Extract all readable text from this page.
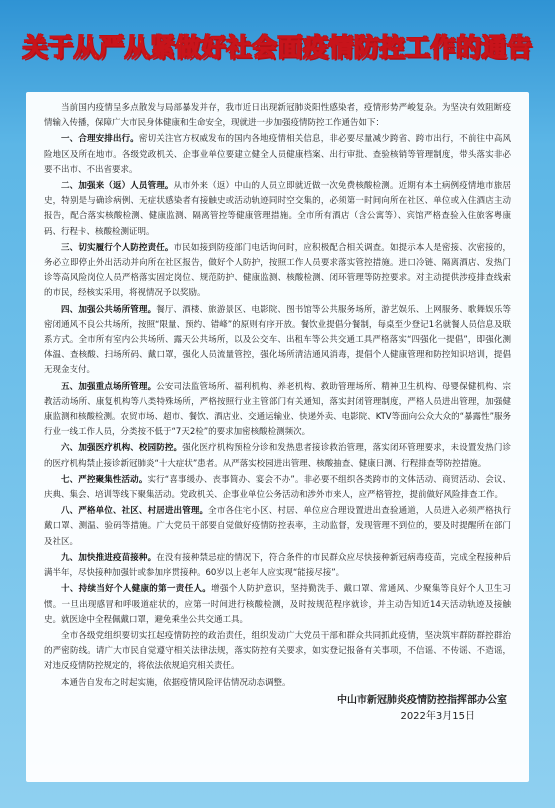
关于从严从紧做好社会面疫情防控工作的通告

当前国内疫情呈多点散发与局部暴发并存，我市近日出现新冠肺炎阳性感染者，疫情形势严峻复杂。为坚决有效阻断疫情输入传播，保障广大市民身体健康和生命安全，现就进一步加强疫情防控工作通告如下：

一、合理安排出行。密切关注官方权威发布的国内各地疫情相关信息，非必要尽量减少跨省、跨市出行，不前往中高风险地区及所在地市。各级党政机关、企事业单位要建立健全人员健康档案、出行审批、查验核销等管理制度，带头落实非必要不出市、不出省要求。

二、加强来（返）人员管理。从市外来（返）中山的人员立即就近做一次免费核酸检测。近期有本土病例疫情地市旅居史，特别是与确诊病例、无症状感染者有接触史或活动轨迹同时空交集的，必须第一时间向所在社区、单位或入住酒店主动报告，配合落实核酸检测、健康监测、隔离管控等健康管理措施。全市所有酒店（含公寓等）、宾馆严格查验入住旅客粤康码、行程卡、核酸检测证明。

三、切实履行个人防控责任。市民如接到防疫部门电话询问时，应积极配合相关调查。如提示本人是密接、次密接的，务必立即停止外出活动并向所在社区报告，做好个人防护，按照工作人员要求落实管控措施。进口冷链、隔离酒店、发热门诊等高风险岗位人员严格落实固定岗位、规范防护、健康监测、核酸检测、闭环管理等防控要求。对主动提供涉疫排查线索的市民，经核实采用，将视情况予以奖励。

四、加强公共场所管理。餐厅、酒楼、旅游景区、电影院、图书馆等公共服务场所，游艺娱乐、上网服务、歌舞娱乐等密闭通风不良公共场所，按照“限量、预约、错峰”的原则有序开放。餐饮业提倡分餐制，每桌至少登记1名就餐人员信息及联系方式。全市所有室内公共场所、露天公共场所，以及公交车、出租车等公共交通工具严格落实“四强化一提倡”，即强化测体温、查核酸、扫场所码、戴口罩，强化人员流量管控，强化场所清洁通风消毒，提倡个人健康管理和防控知识培训，提倡无现金支付。

五、加强重点场所管理。公安司法监管场所、福利机构、养老机构、救助管理场所、精神卫生机构、母婴保健机构、宗教活动场所、康复机构等八类特殊场所，严格按照行业主管部门有关通知，落实封闭管理制度，严格人员进出管理，加强健康监测和核酸检测。农贸市场、超市、餐饮、酒店业、交通运输业、快递外卖、电影院、KTV等面向公众大众的“暴露性”服务行业一线工作人员，分类按不低于“7天2检”的要求加密核酸检测频次。

六、加强医疗机构、校园防控。强化医疗机构预检分诊和发热患者接诊救治管理，落实闭环管理要求，未设置发热门诊的医疗机构禁止接诊新冠肺炎“十大症状”患者。从严落实校园进出管理、核酸抽查、健康日测、行程排查等防控措施。

七、严控聚集性活动。实行“喜事缓办、丧事简办、宴会不办”。非必要不组织各类跨市的文体活动、商贸活动、会议、庆典、集会、培训等线下聚集活动。党政机关、企事业单位公务活动和涉外市来人，应严格管控，提前做好风险排查工作。

八、严格单位、社区、村居进出管理。全市各住宅小区、村居、单位应合理设置进出查验通道，人员进入必须严格执行戴口罩、测温、验码等措施。广大党员干部要自觉做好疫情防控表率，主动监督，发现管理不到位的，要及时提醒所在部门及社区。

九、加快推进疫苗接种。在没有接种禁忌症的情况下，符合条件的市民群众应尽快接种新冠病毒疫苗，完成全程接种后满半年，尽快接种加强针或参加序贯接种。60岁以上老年人应实现“能接尽接”。

十、持续当好个人健康的第一责任人。增强个人防护意识，坚持勤洗手、戴口罩、常通风、少聚集等良好个人卫生习惯。一旦出现感冒和呼吸道症状的，应第一时间进行核酸检测，及时按规范程序就诊，并主动告知近14天活动轨迹及接触史。就医途中全程佩戴口罩，避免乘坐公共交通工具。

全市各级党组织要切实扛起疫情防控的政治责任，组织发动广大党员干部和群众共同抓此疫情，坚决筑牢群防群控群治的严密防线。请广大市民自觉遵守相关法律法规，落实防控有关要求，如实登记报备有关事项，不信谣、不传谣、不造谣，对违反疫情防控规定的，将依法依规追究相关责任。

本通告自发布之时起实施，依据疫情风险评估情况动态调整。

中山市新冠肺炎疫情防控指挥部办公室
2022年3月15日
